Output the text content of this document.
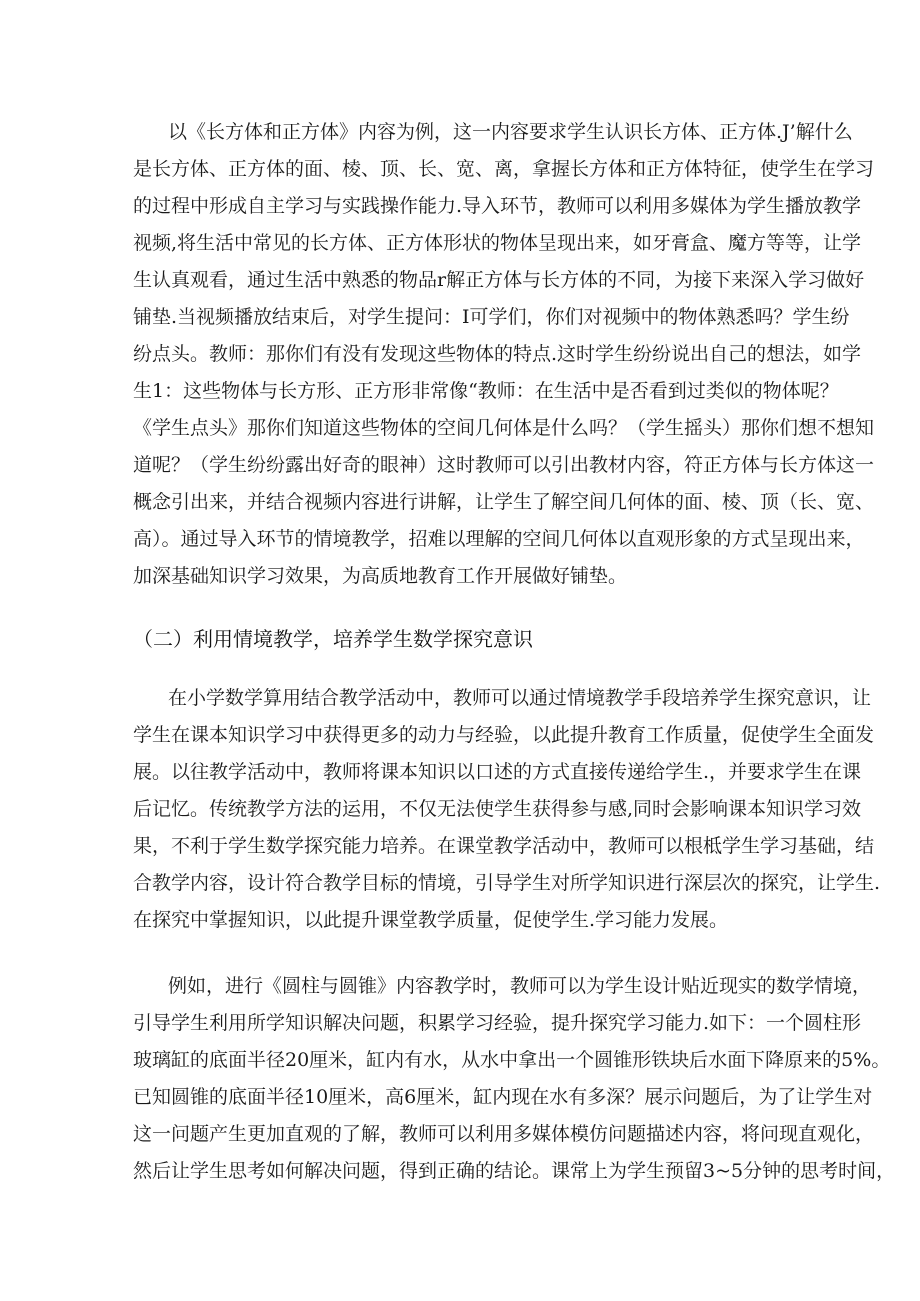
以《长方体和正方体》内容为例，这一内容要求学生认识长方体、正方体.J’解什么
是长方体、正方体的面、棱、顶、长、宽、离，拿握长方体和正方体特征，使学生在学习
的过程中形成自主学习与实践操作能力.导入环节，教师可以利用多媒体为学生播放教学
视频,将生活中常见的长方体、正方体形状的物体呈现出来，如牙膏盒、魔方等等，让学
生认真观看，通过生活中熟悉的物品r解正方体与长方体的不同，为接下来深入学习做好
铺垫.当视频播放结束后，对学生提问：I可学们，你们对视频中的物体熟悉吗？学生纷
纷点头。教师：那你们有没有发现这些物体的特点.这时学生纷纷说出自己的想法，如学
生1：这些物体与长方形、正方形非常像“教师：在生活中是否看到过类似的物体呢？
《学生点头》那你们知道这些物体的空间几何体是什么吗？（学生摇头）那你们想不想知
道呢？（学生纷纷露出好奇的眼神）这时教师可以引出教材内容，符正方体与长方体这一
概念引出来，并结合视频内容进行讲解，让学生了解空间几何体的面、棱、顶（长、宽、
高）。通过导入环节的情境教学，招难以理解的空间几何体以直观形象的方式呈现出来，
加深基础知识学习效果，为高质地教育工作开展做好铺垫。
（二）利用情境教学，培养学生数学探究意识
在小学数学算用结合教学活动中，教师可以通过情境教学手段培养学生探究意识，让
学生在课本知识学习中获得更多的动力与经验，以此提升教育工作质量，促使学生全面发
展。以往教学活动中，教师将课本知识以口述的方式直接传递给学生.，并要求学生在课
后记忆。传统教学方法的运用，不仅无法使学生获得参与感,同时会影响课本知识学习效
果，不利于学生数学探究能力培养。在课堂教学活动中，教师可以根柢学生学习基础，结
合教学内容，设计符合教学目标的情境，引导学生对所学知识进行深层次的探究，让学生.
在探究中掌握知识，以此提升课堂教学质量，促使学生.学习能力发展。
例如，进行《圆柱与圆锥》内容教学时，教师可以为学生设计贴近现实的数学情境，
引导学生利用所学知识解决问题，积累学习经验，提升探究学习能力.如下：一个圆柱形
玻璃缸的底面半径20厘米，缸内有水，从水中拿出一个圆锥形铁块后水面下降原来的5%。
已知圆锥的底面半径10厘米，高6厘米，缸内现在水有多深？展示问题后，为了让学生对
这一问题产生更加直观的了解，教师可以利用多媒体模仿问题描述内容，将问现直观化，
然后让学生思考如何解决问题，得到正确的结论。课常上为学生预留3~5分钟的思考时间，
